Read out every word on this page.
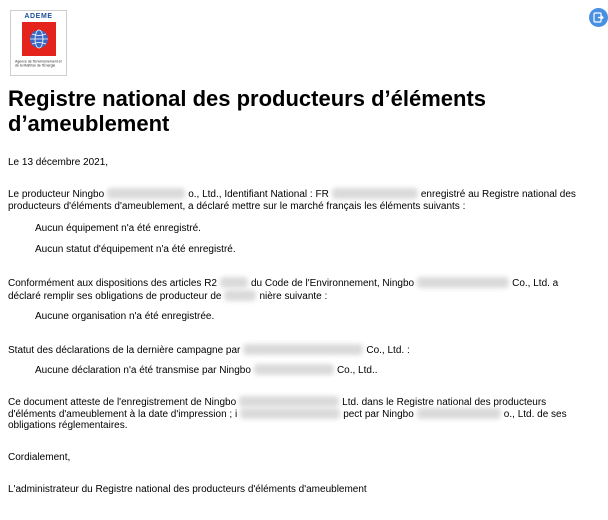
ADEME
Agence de l'Environnement et de la Maîtrise de l'Énergie
Registre national des producteurs d’éléments
d’ameublement
Le 13 décembre 2021,
Le producteur Ningbo	o., Ltd., Identifiant National : FR	enregistré au Registre national des
producteurs d'éléments d'ameublement, a déclaré mettre sur le marché français les éléments suivants :
Aucun équipement n'a été enregistré.
Aucun statut d'équipement n'a été enregistré.
Conformément aux dispositions des articles R2	du Code de l'Environnement, Ningbo	Co., Ltd. a
déclaré remplir ses obligations de producteur de	nière suivante :
Aucune organisation n'a été enregistrée.
Statut des déclarations de la dernière campagne par	Co., Ltd. :
Aucune déclaration n'a été transmise par Ningbo	Co., Ltd..
Ce document atteste de l'enregistrement de Ningbo	Ltd. dans le Registre national des producteurs
d'éléments d'ameublement à la date d'impression ; i	pect par Ningbo	o., Ltd. de ses
obligations réglementaires.
Cordialement,
L'administrateur du Registre national des producteurs d'éléments d'ameublement
